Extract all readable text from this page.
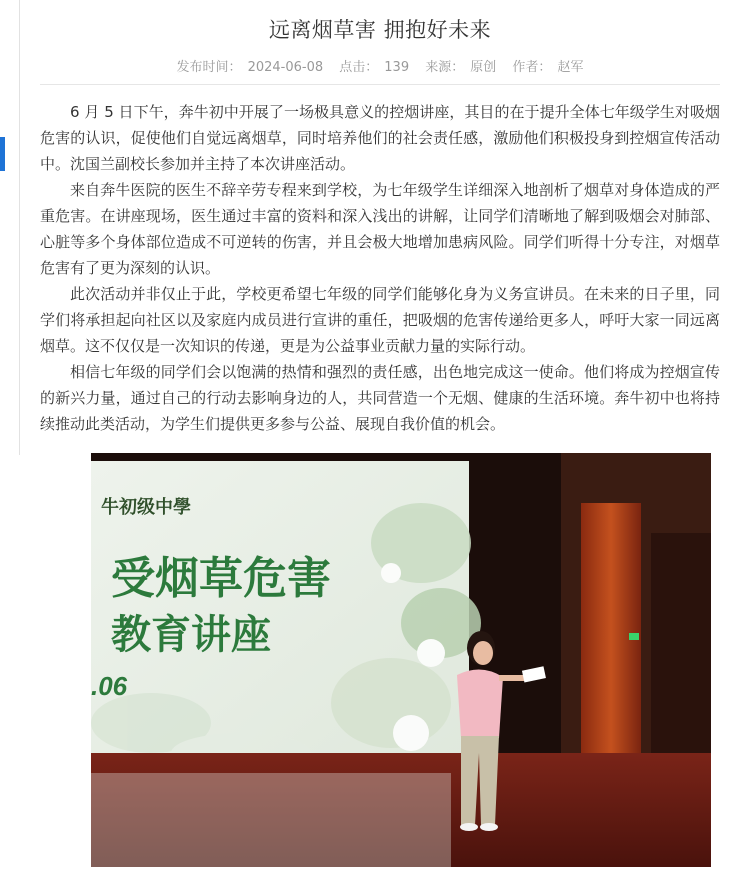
远离烟草害 拥抱好未来
发布时间： 2024-06-08 点击： 139 来源： 原创 作者： 赵军

6 月 5 日下午，奔牛初中开展了一场极具意义的控烟讲座，其目的在于提升全体七年级学生对吸烟危害的认识，促使他们自觉远离烟草，同时培养他们的社会责任感，激励他们积极投身到控烟宣传活动中。沈国兰副校长参加并主持了本次讲座活动。

来自奔牛医院的医生不辞辛劳专程来到学校，为七年级学生详细深入地剖析了烟草对身体造成的严重危害。在讲座现场，医生通过丰富的资料和深入浅出的讲解，让同学们清晰地了解到吸烟会对肺部、心脏等多个身体部位造成不可逆转的伤害，并且会极大地增加患病风险。同学们听得十分专注，对烟草危害有了更为深刻的认识。

此次活动并非仅止于此，学校更希望七年级的同学们能够化身为义务宣讲员。在未来的日子里，同学们将承担起向社区以及家庭内成员进行宣讲的重任，把吸烟的危害传递给更多人，呼吁大家一同远离烟草。这不仅仅是一次知识的传递，更是为公益事业贡献力量的实际行动。

相信七年级的同学们会以饱满的热情和强烈的责任感，出色地完成这一使命。他们将成为控烟宣传的新兴力量，通过自己的行动去影响身边的人，共同营造一个无烟、健康的生活环境。奔牛初中也将持续推动此类活动，为学生们提供更多参与公益、展现自我价值的机会。

牛初级中學
受烟草危害
教育讲座
.06
